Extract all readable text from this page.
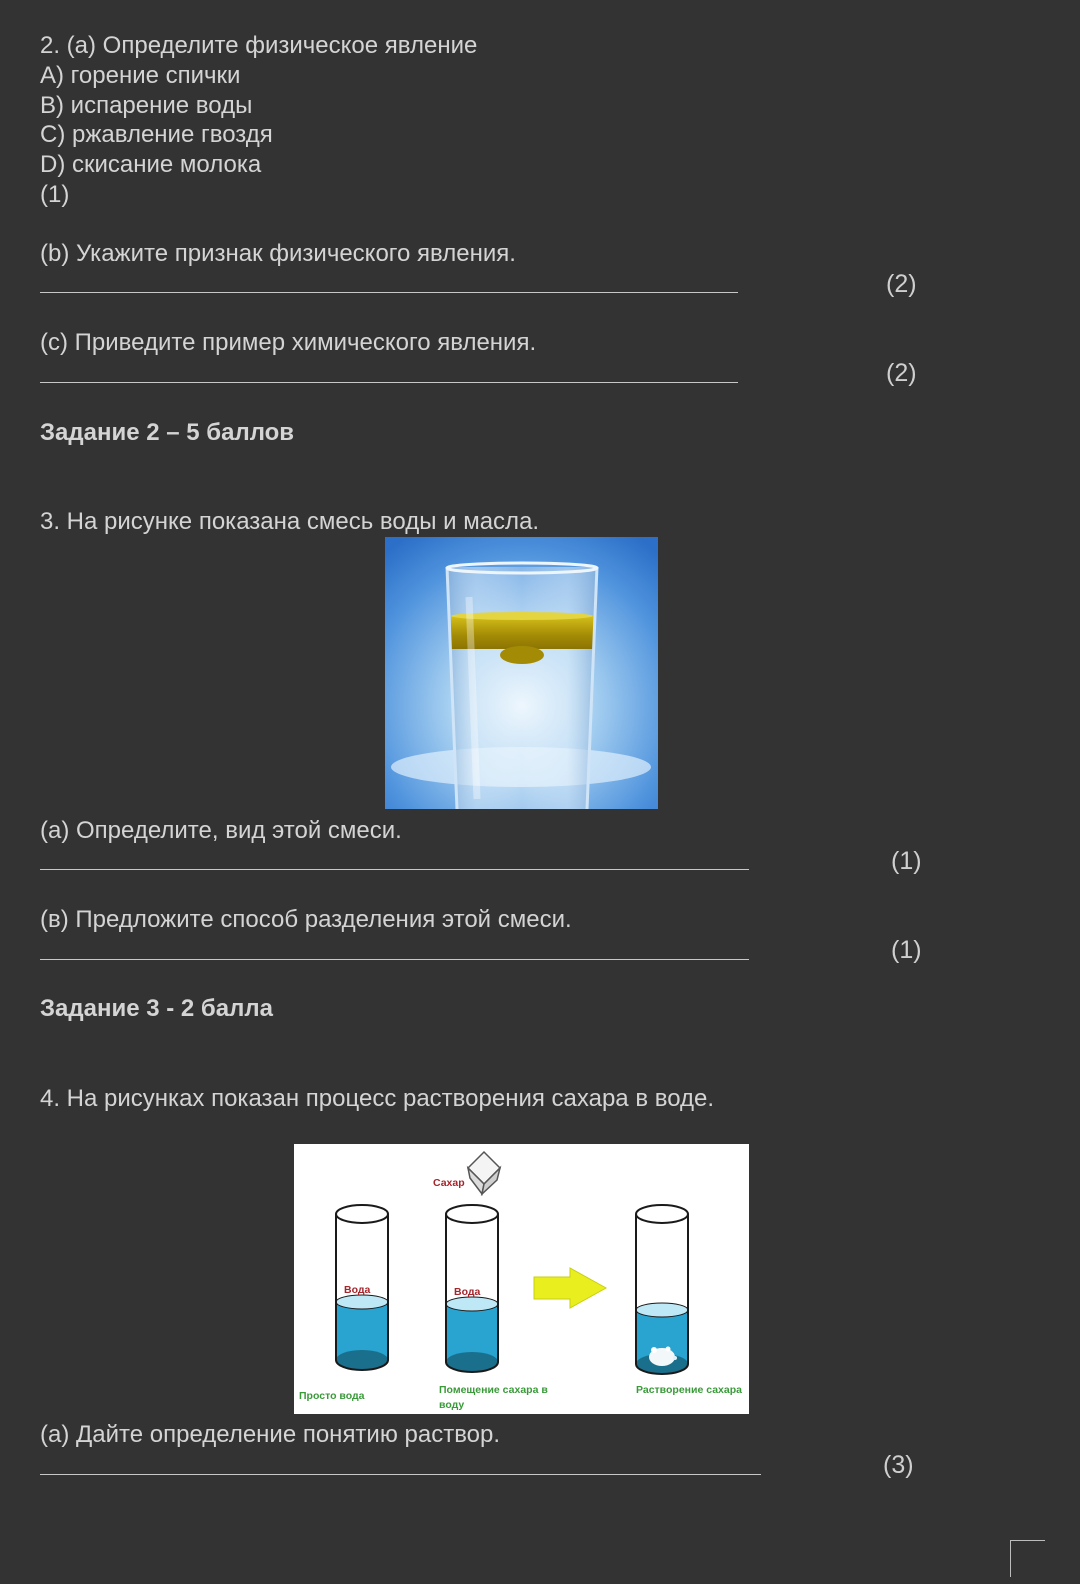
2. (а) Определите физическое явление
А) горение спички
В) испарение воды
С) ржавление гвоздя
D) скисание молока
(1)
(b) Укажите признак физического явления.
(2)
(с) Приведите пример химического явления.
(2)
Задание 2 – 5 баллов
3. На рисунке показана смесь воды и масла.
(а) Определите, вид этой смеси.
(1)
(в) Предложите способ разделения этой смеси.
(1)
Задание 3 - 2 балла
4. На рисунках показан процесс растворения сахара в воде.
Вода
Просто вода
Вода
Помещение сахара в
воду
Сахар
Растворение сахара
(а) Дайте определение понятию раствор.
(3)
